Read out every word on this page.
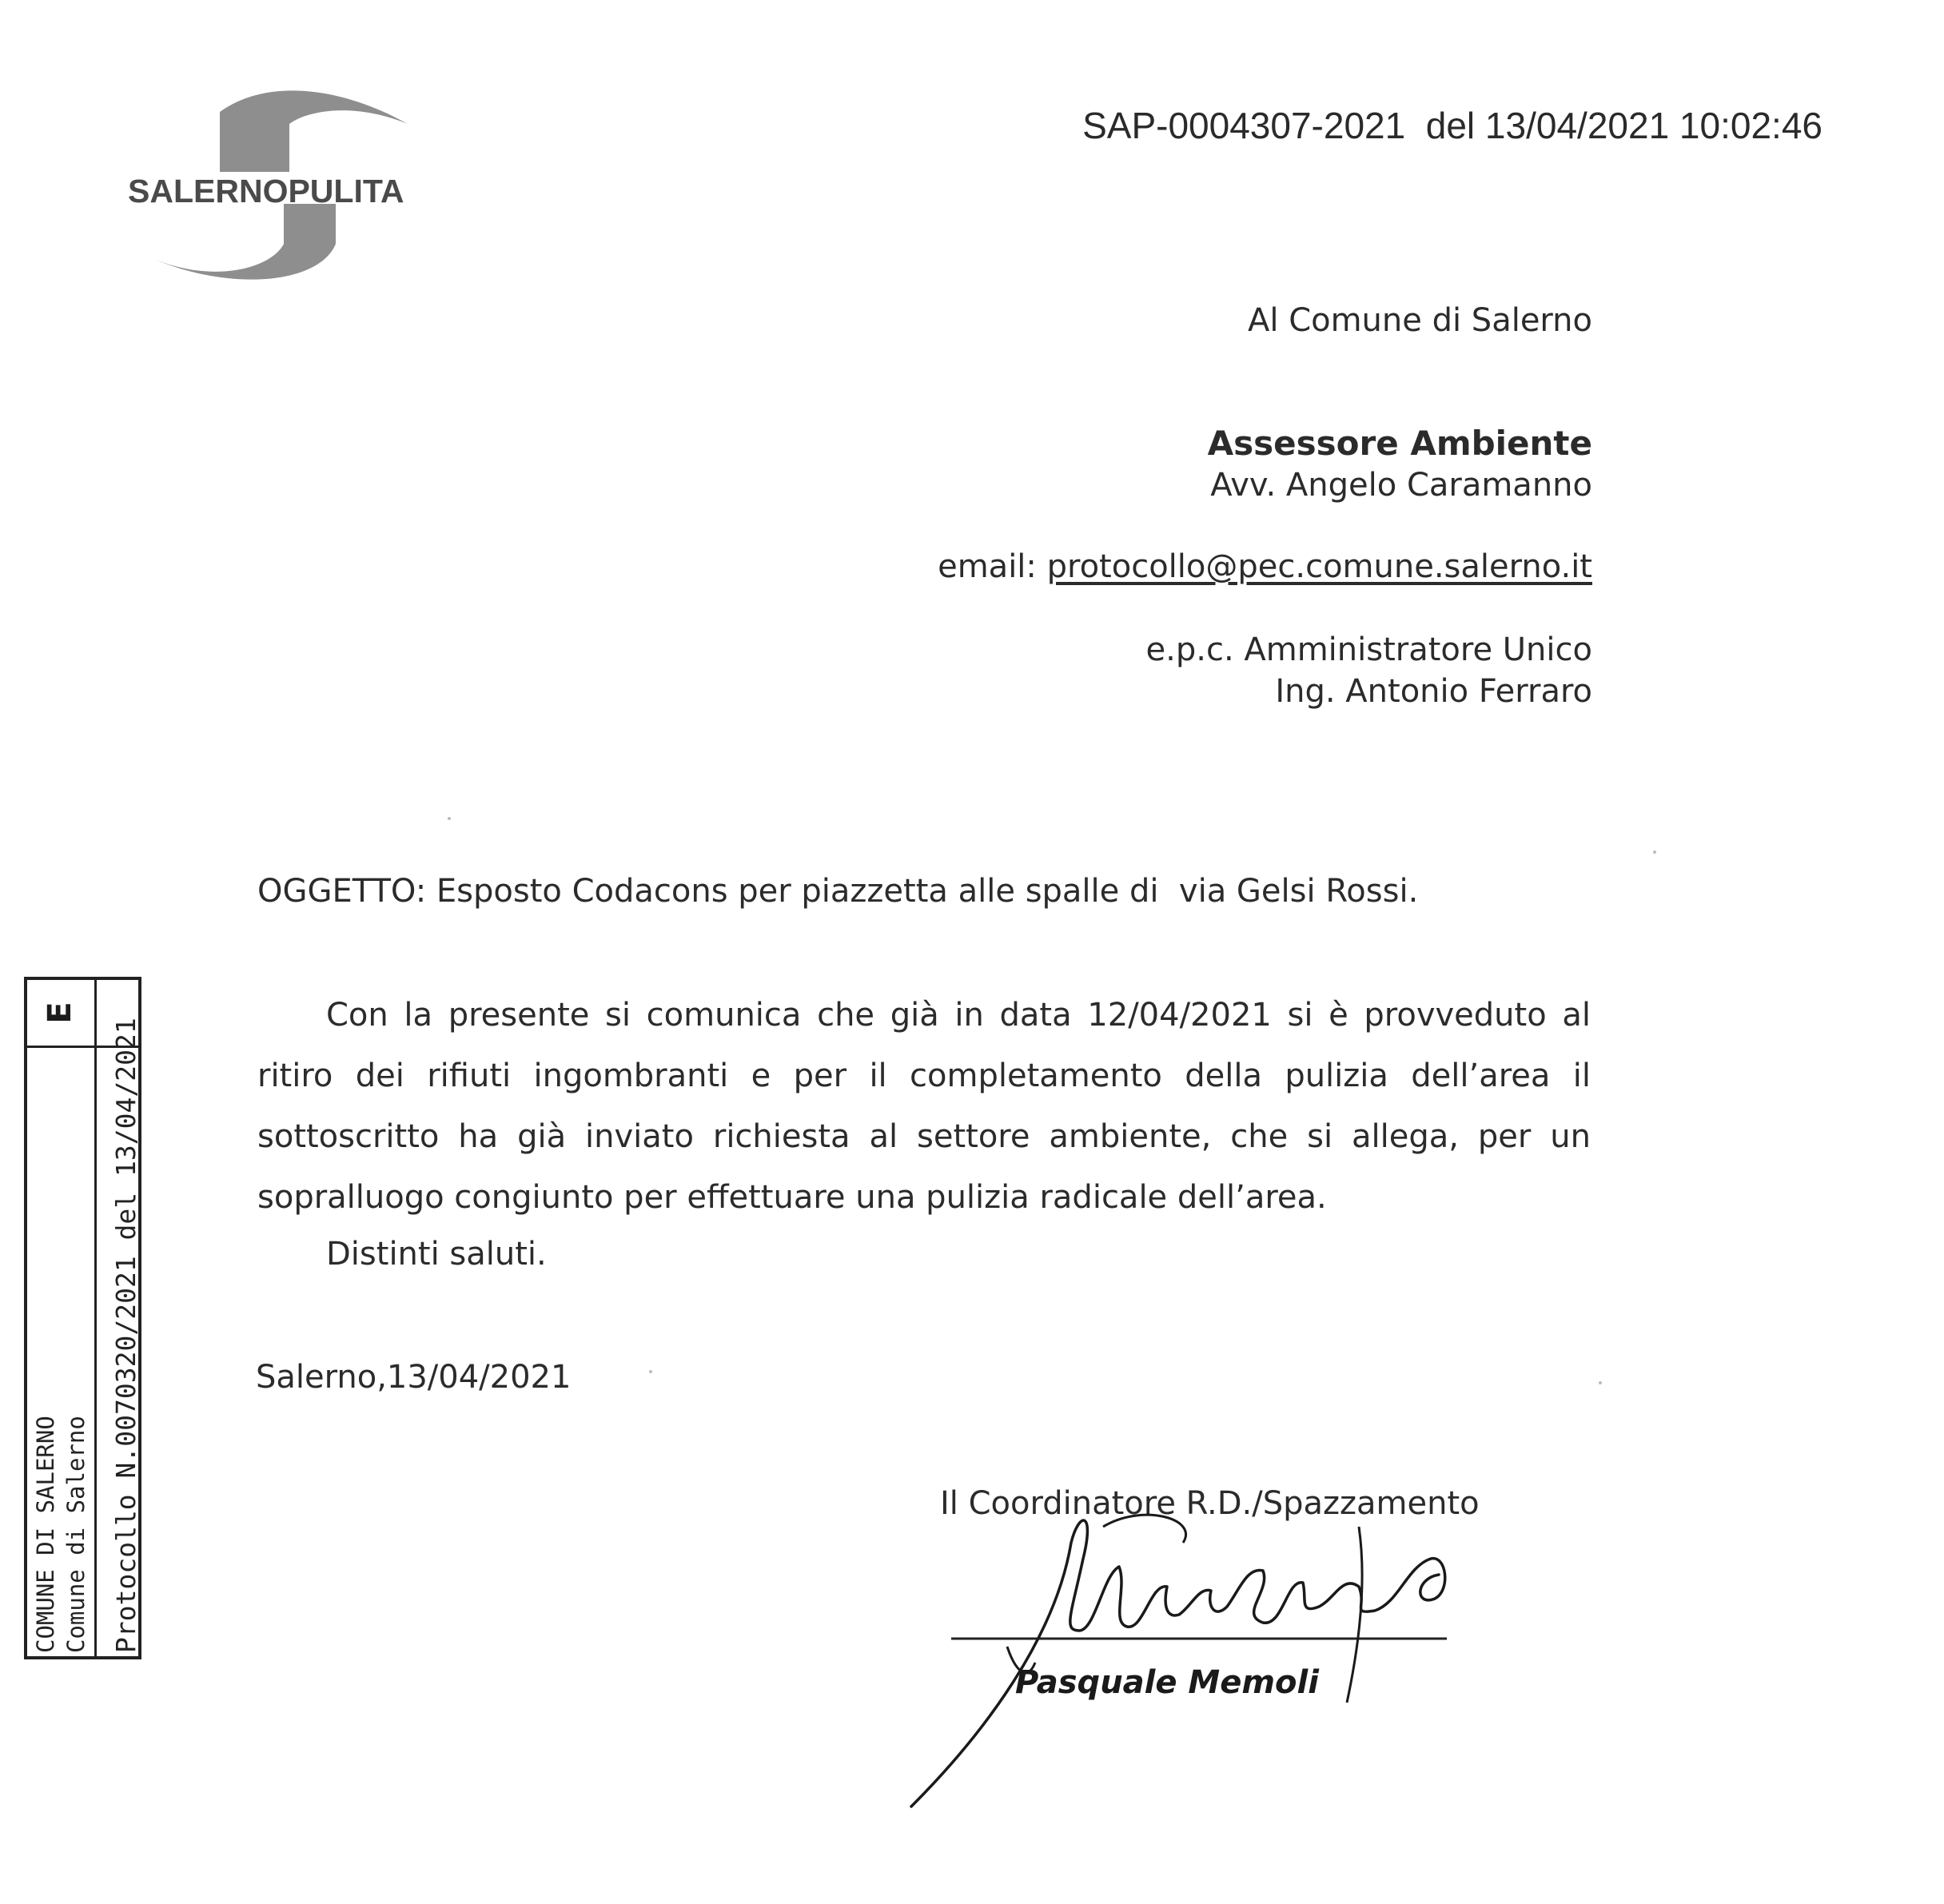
SALERNOPULITA
SAP-0004307-2021 del 13/04/2021 10:02:46
Al Comune di Salerno
Assessore Ambiente
Avv. Angelo Caramanno
email: protocollo@pec.comune.salerno.it
e.p.c. Amministratore Unico
Ing. Antonio Ferraro
OGGETTO: Esposto Codacons per piazzetta alle spalle di  via Gelsi Rossi.
Con la presente si comunica che già in data 12/04/2021 si è provveduto al ritiro dei rifiuti ingombranti e per il completamento della pulizia dell’area il sottoscritto ha già inviato richiesta al settore ambiente, che si allega, per un sopralluogo congiunto per effettuare una pulizia radicale dell’area.
Distinti saluti.
Salerno,13/04/2021
Il Coordinatore R.D./Spazzamento
Pasquale Memoli
E
COMUNE DI SALERNO Comune di Salerno Protocollo N.0070320/2021 del 13/04/2021
